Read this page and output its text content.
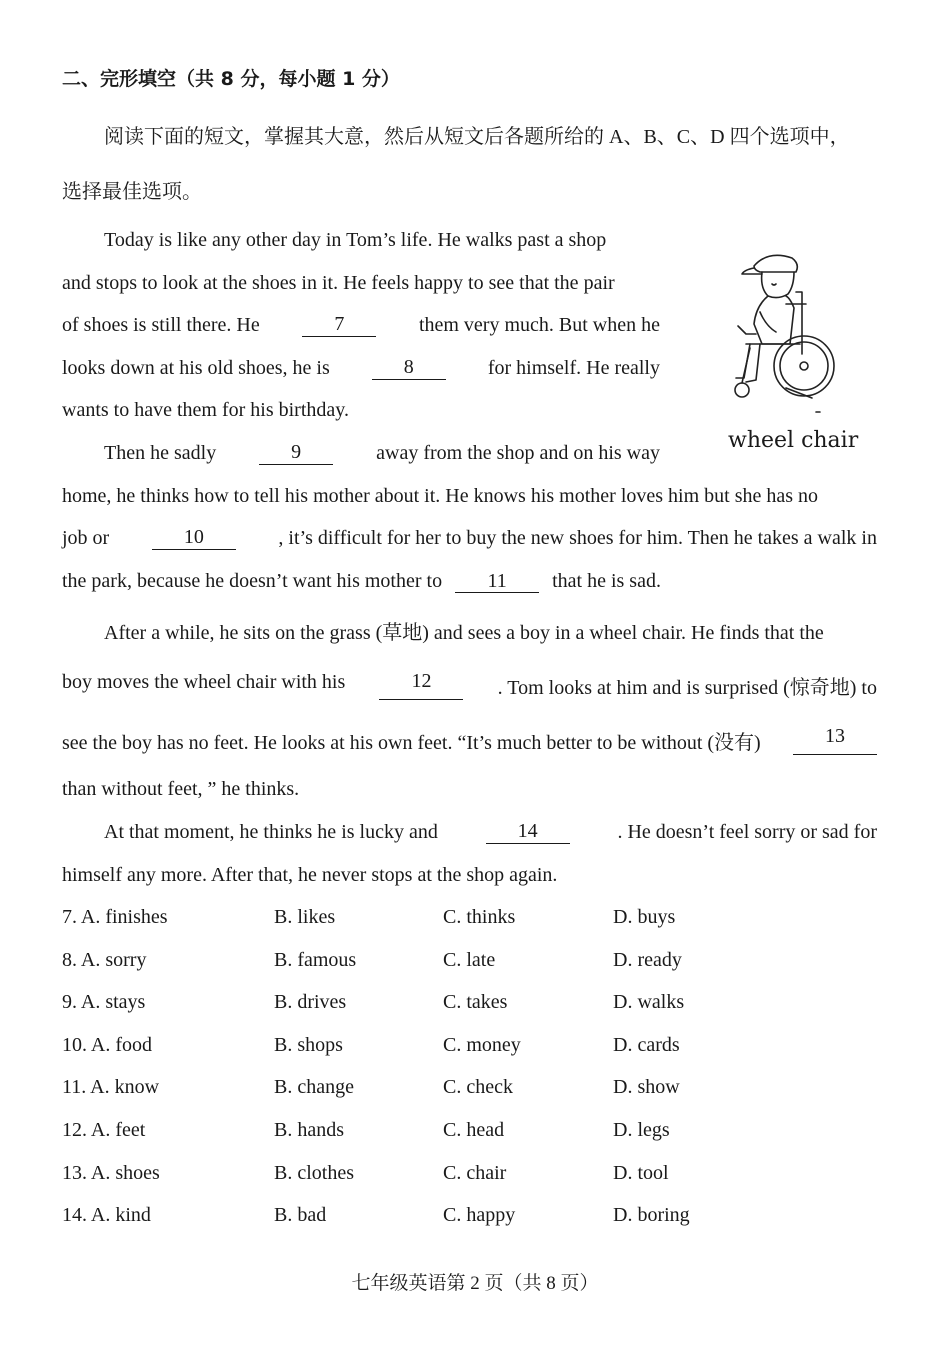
二、完形填空（共 8 分，每小题 1 分）
阅读下面的短文，掌握其大意，然后从短文后各题所给的 A、B、C、D 四个选项中，
选择最佳选项。
Today is like any other day in Tom’s life. He walks past a shop
and stops to look at the shoes in it. He feels happy to see that the pair
of shoes is still there. He	7	them very much. But when he
looks down at his old shoes, he is	8	for himself. He really
wants to have them for his birthday.
Then he sadly	9	away from the shop and on his way
home, he thinks how to tell his mother about it. He knows his mother loves him but she has no
job or	10	, it’s difficult for her to buy the new shoes for him. Then he takes a walk in
the park, because he doesn’t want his mother to 11 that he is sad.
After a while, he sits on the grass (草地) and sees a boy in a wheel chair. He finds that the
boy moves the wheel chair with his	12	. Tom looks at him and is surprised (惊奇地) to
see the boy has no feet. He looks at his own feet. “It’s much better to be without (没有)	13
than without feet, ” he thinks.
At that moment, he thinks he is lucky and	14	. He doesn’t feel sorry or sad for
himself any more. After that, he never stops at the shop again.
wheel chair
7. A. finishes	B. likes	C. thinks	D. buys
8. A. sorry	B. famous	C. late	D. ready
9. A. stays	B. drives	C. takes	D. walks
10. A. food	B. shops	C. money	D. cards
11. A. know	B. change	C. check	D. show
12. A. feet	B. hands	C. head	D. legs
13. A. shoes	B. clothes	C. chair	D. tool
14. A. kind	B. bad	C. happy	D. boring
七年级英语第 2 页（共 8 页）
